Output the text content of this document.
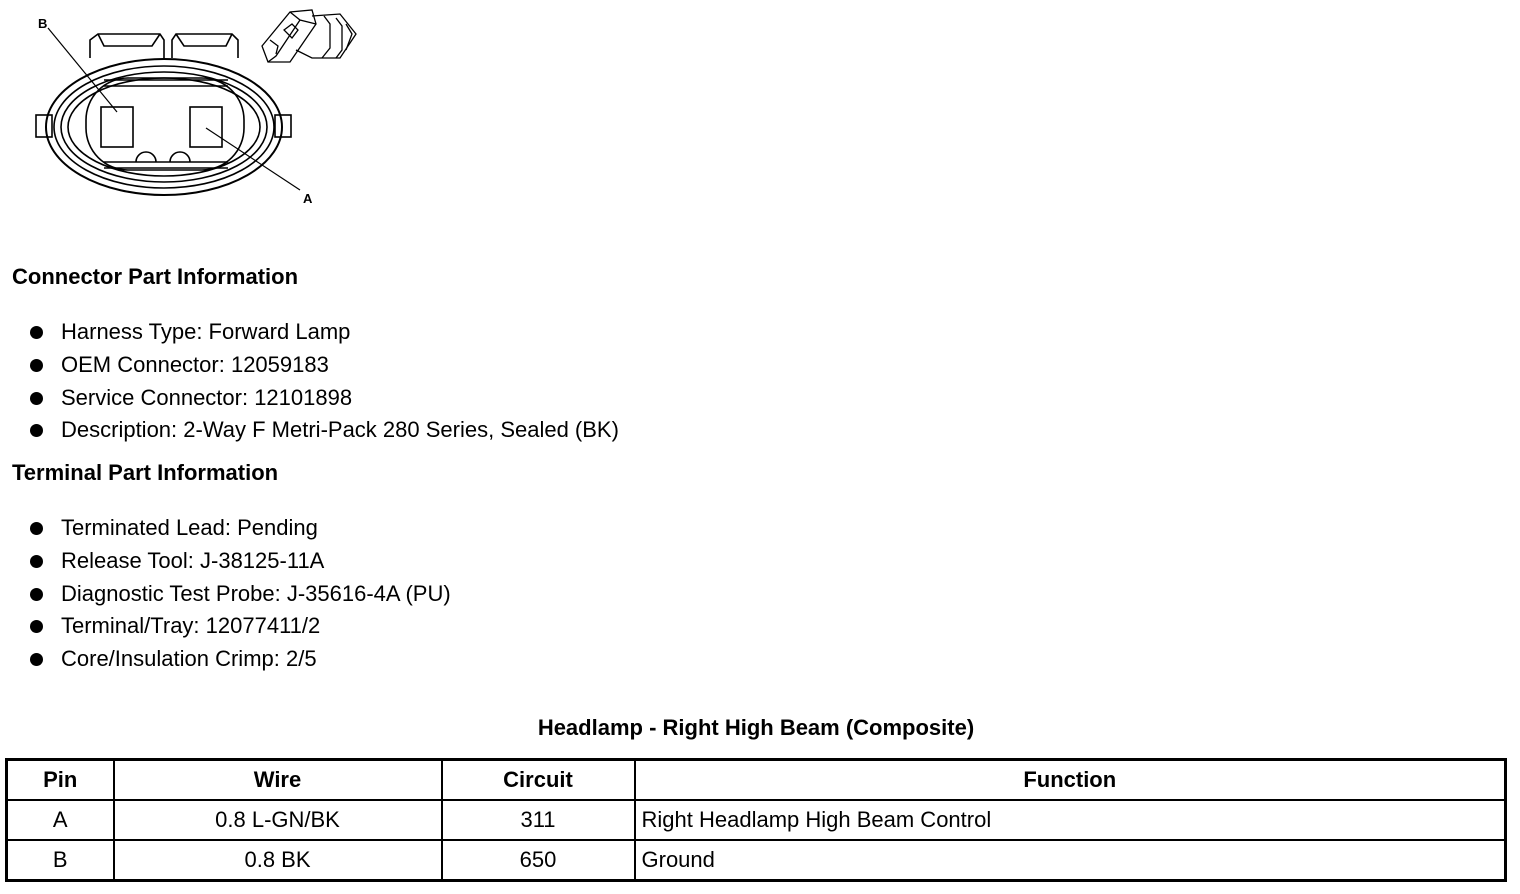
B
A
Connector Part Information
Harness Type: Forward Lamp
OEM Connector: 12059183
Service Connector: 12101898
Description: 2-Way F Metri-Pack 280 Series, Sealed (BK)
Terminal Part Information
Terminated Lead: Pending
Release Tool: J-38125-11A
Diagnostic Test Probe: J-35616-4A (PU)
Terminal/Tray: 12077411/2
Core/Insulation Crimp: 2/5
Headlamp - Right High Beam (Composite)
Pin	Wire	Circuit	Function
A	0.8 L-GN/BK	311	Right Headlamp High Beam Control
B	0.8 BK	650	Ground
